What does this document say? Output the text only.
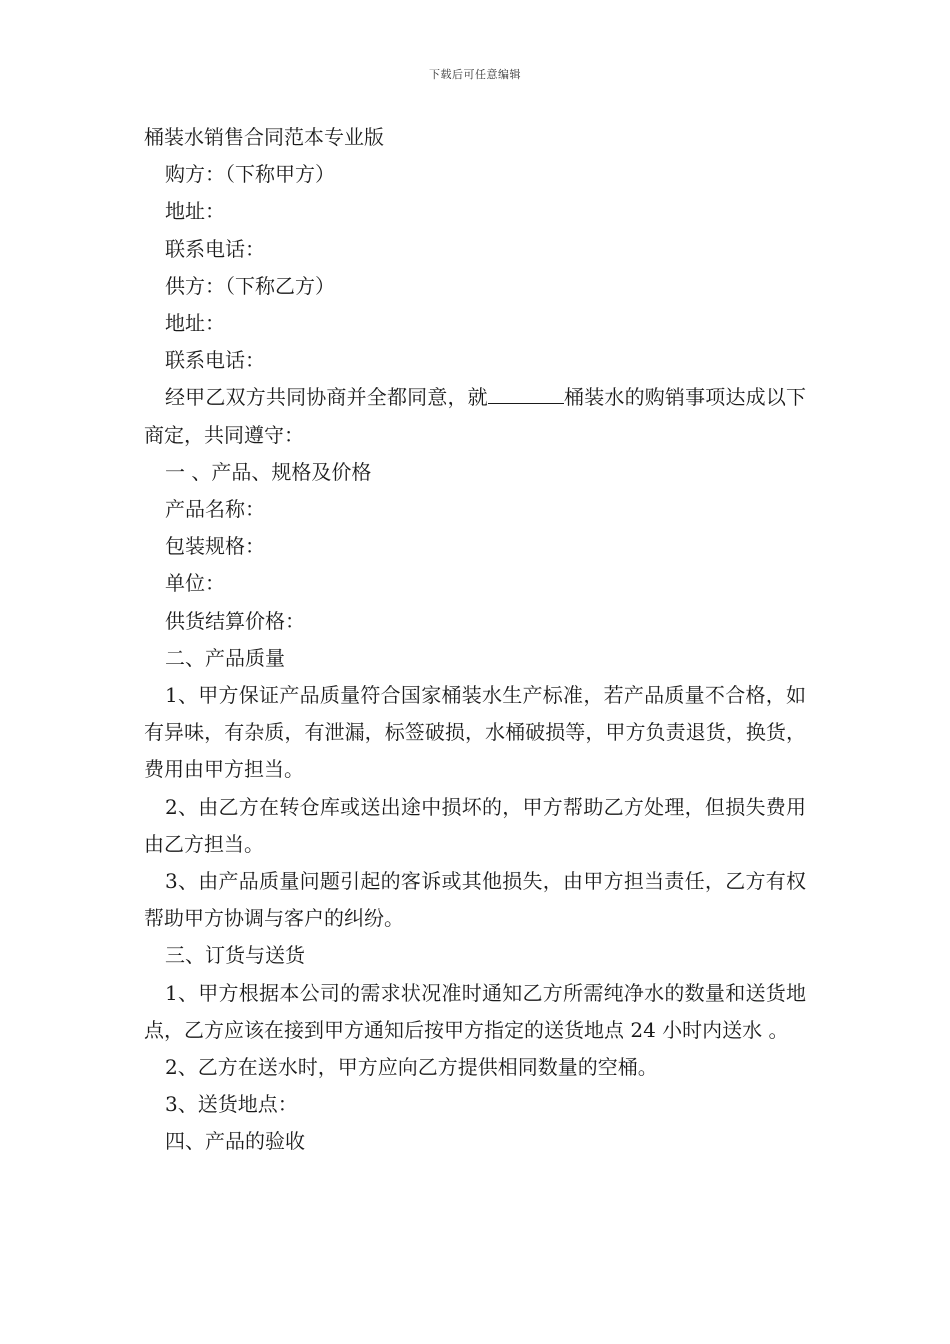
下载后可任意编辑

桶装水销售合同范本专业版

购方：（下称甲方）

地址：

联系电话：

供方：（下称乙方）

地址：

联系电话：

经甲乙双方共同协商并全都同意，就	桶装水的购销事项达成以下商定，共同遵守：

一 、产品、规格及价格

产品名称：

包装规格：

单位：

供货结算价格：

二、产品质量

1、甲方保证产品质量符合国家桶装水生产标准，若产品质量不合格，如有异味，有杂质，有泄漏，标签破损，水桶破损等，甲方负责退货，换货，费用由甲方担当。

2、由乙方在转仓库或送出途中损坏的，甲方帮助乙方处理，但损失费用由乙方担当。

3、由产品质量问题引起的客诉或其他损失，由甲方担当责任，乙方有权帮助甲方协调与客户的纠纷。

三、订货与送货

1、甲方根据本公司的需求状况准时通知乙方所需纯净水的数量和送货地点，乙方应该在接到甲方通知后按甲方指定的送货地点 24 小时内送水 。

2、乙方在送水时，甲方应向乙方提供相同数量的空桶。

3、送货地点：

四、产品的验收
